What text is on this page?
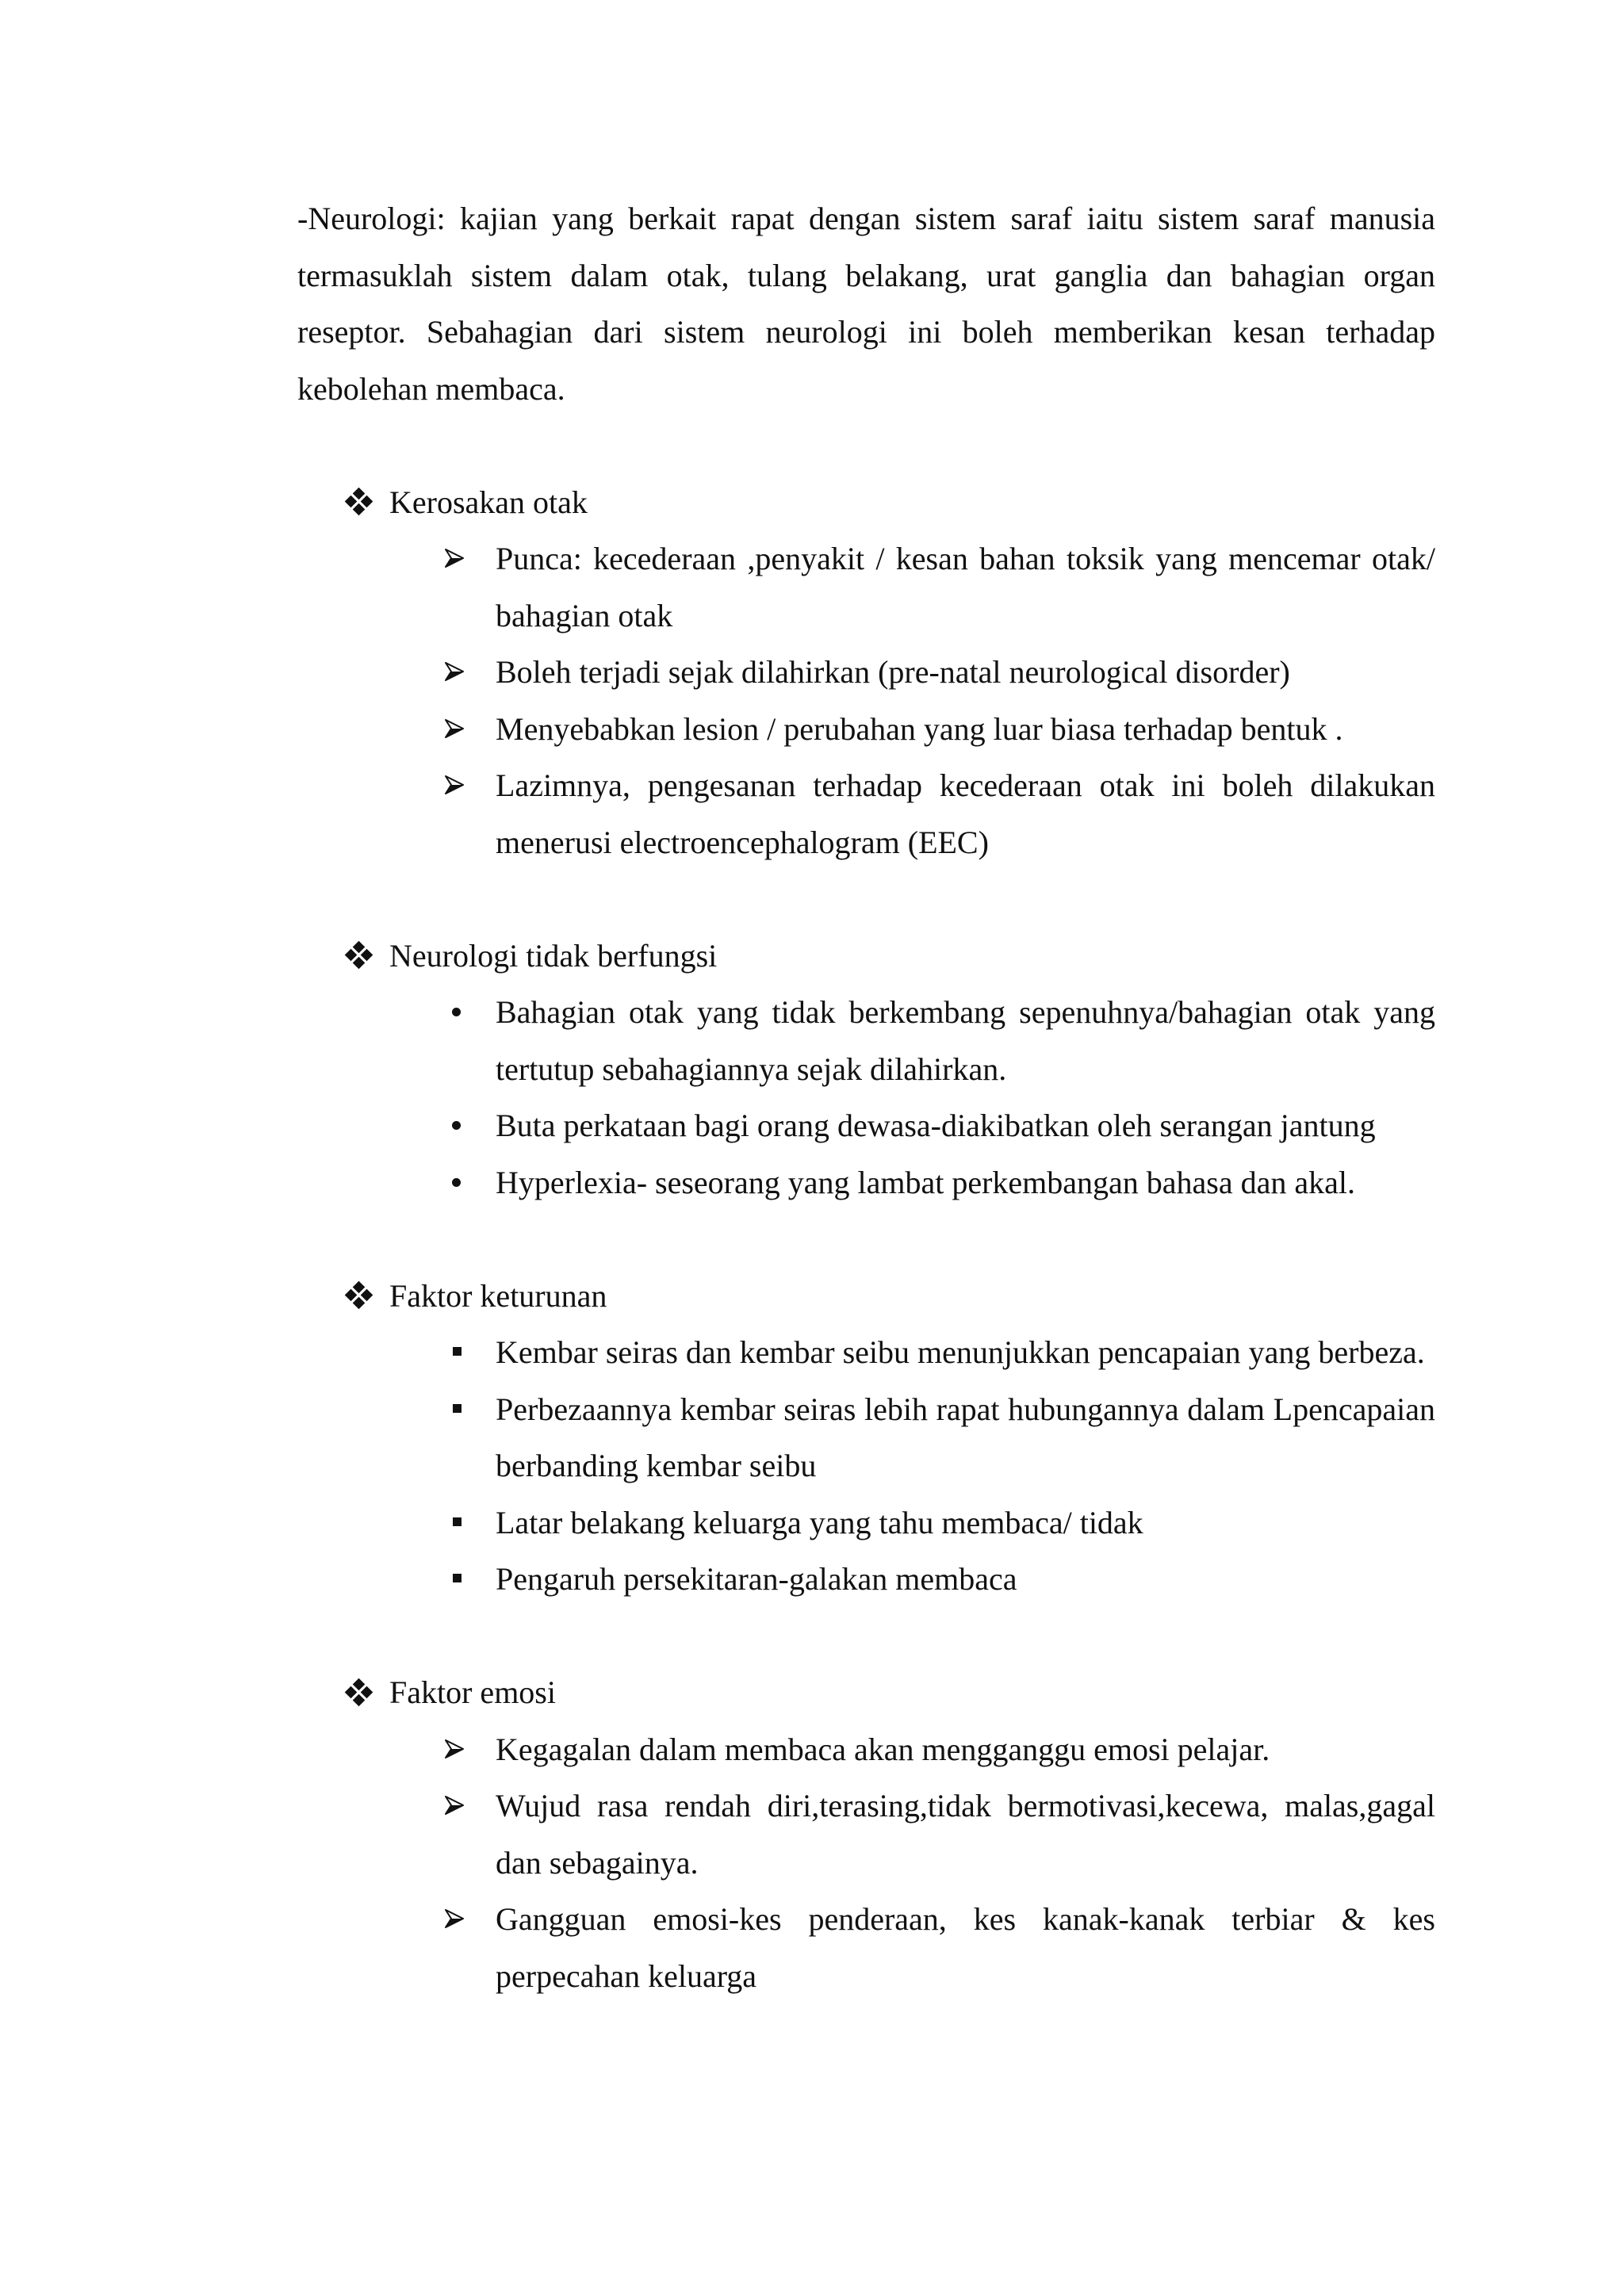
-Neurologi: kajian yang berkait rapat dengan sistem saraf iaitu sistem saraf manusia termasuklah sistem dalam otak, tulang belakang, urat ganglia dan bahagian organ reseptor. Sebahagian dari sistem neurologi ini boleh memberikan kesan terhadap kebolehan membaca.

Kerosakan otak
Punca: kecederaan ,penyakit / kesan bahan toksik yang mencemar otak/ bahagian otak
Boleh terjadi sejak dilahirkan (pre-natal neurological disorder)
Menyebabkan lesion / perubahan yang luar biasa terhadap bentuk .
Lazimnya, pengesanan terhadap kecederaan otak ini boleh dilakukan menerusi electroencephalogram (EEC)
Neurologi tidak berfungsi
Bahagian otak yang tidak berkembang sepenuhnya/bahagian otak yang tertutup sebahagiannya sejak dilahirkan.
Buta perkataan bagi orang dewasa-diakibatkan oleh serangan jantung
Hyperlexia- seseorang yang lambat perkembangan bahasa dan akal.
Faktor keturunan
Kembar seiras dan kembar seibu menunjukkan pencapaian yang berbeza.
Perbezaannya kembar seiras lebih rapat hubungannya dalam Lpencapaian berbanding kembar seibu
Latar belakang keluarga yang tahu membaca/ tidak
Pengaruh persekitaran-galakan membaca
Faktor emosi
Kegagalan dalam membaca akan mengganggu emosi pelajar.
Wujud rasa rendah diri,terasing,tidak bermotivasi,kecewa, malas,gagal dan sebagainya.
Gangguan emosi-kes penderaan, kes kanak-kanak terbiar & kes perpecahan keluarga
